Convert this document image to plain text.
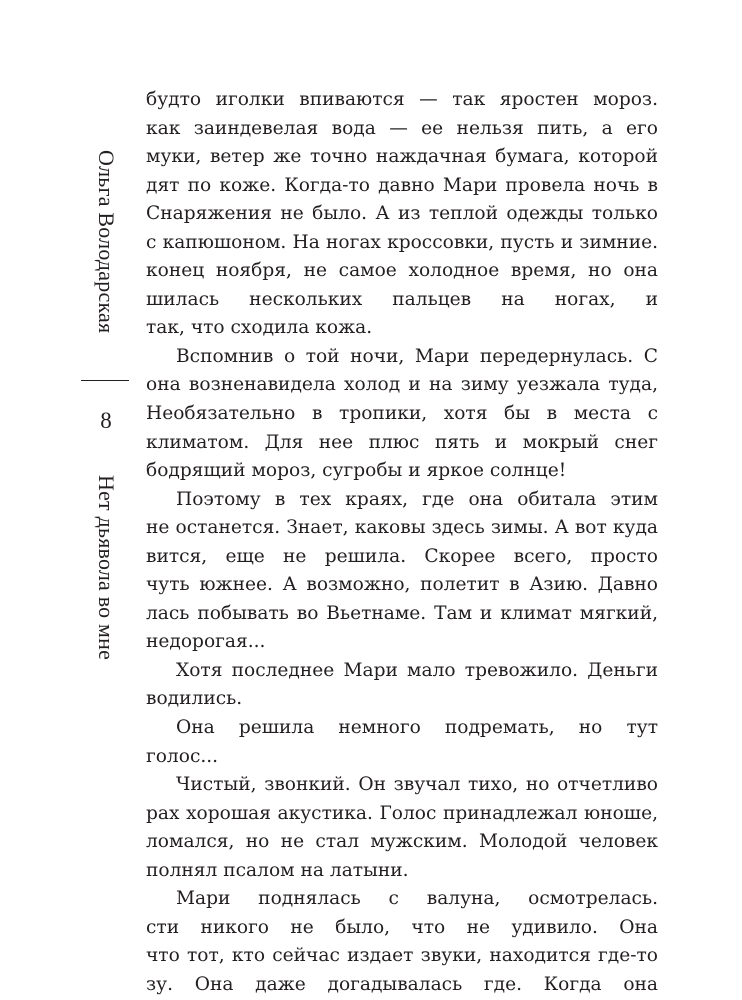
Ольга Володарская
8
Нет дьявола во мне
будто иголки впиваются — так яростен мороз.
как заиндевелая вода — ее нельзя пить, а его
муки, ветер же точно наждачная бумага, которой
дят по коже. Когда-то давно Мари провела ночь в
Снаряжения не было. А из теплой одежды только
с капюшоном. На ногах кроссовки, пусть и зимние.
конец ноября, не самое холодное время, но она
шилась нескольких пальцев на ногах, и
так, что сходила кожа.
Вспомнив о той ночи, Мари передернулась. С
она возненавидела холод и на зиму уезжала туда,
Необязательно в тропики, хотя бы в места с
климатом. Для нее плюс пять и мокрый снег
бодрящий мороз, сугробы и яркое солнце!
Поэтому в тех краях, где она обитала этим
не останется. Знает, каковы здесь зимы. А вот куда
вится, еще не решила. Скорее всего, просто
чуть южнее. А возможно, полетит в Азию. Давно
лась побывать во Вьетнаме. Там и климат мягкий,
недорогая...
Хотя последнее Мари мало тревожило. Деньги
водились.
Она решила немного подремать, но тут
голос...
Чистый, звонкий. Он звучал тихо, но отчетливо
рах хорошая акустика. Голос принадлежал юноше,
ломался, но не стал мужским. Молодой человек
полнял псалом на латыни.
Мари поднялась с валуна, осмотрелась.
сти никого не было, что не удивило. Она
что тот, кто сейчас издает звуки, находится где-то
зу. Она даже догадывалась где. Когда она
